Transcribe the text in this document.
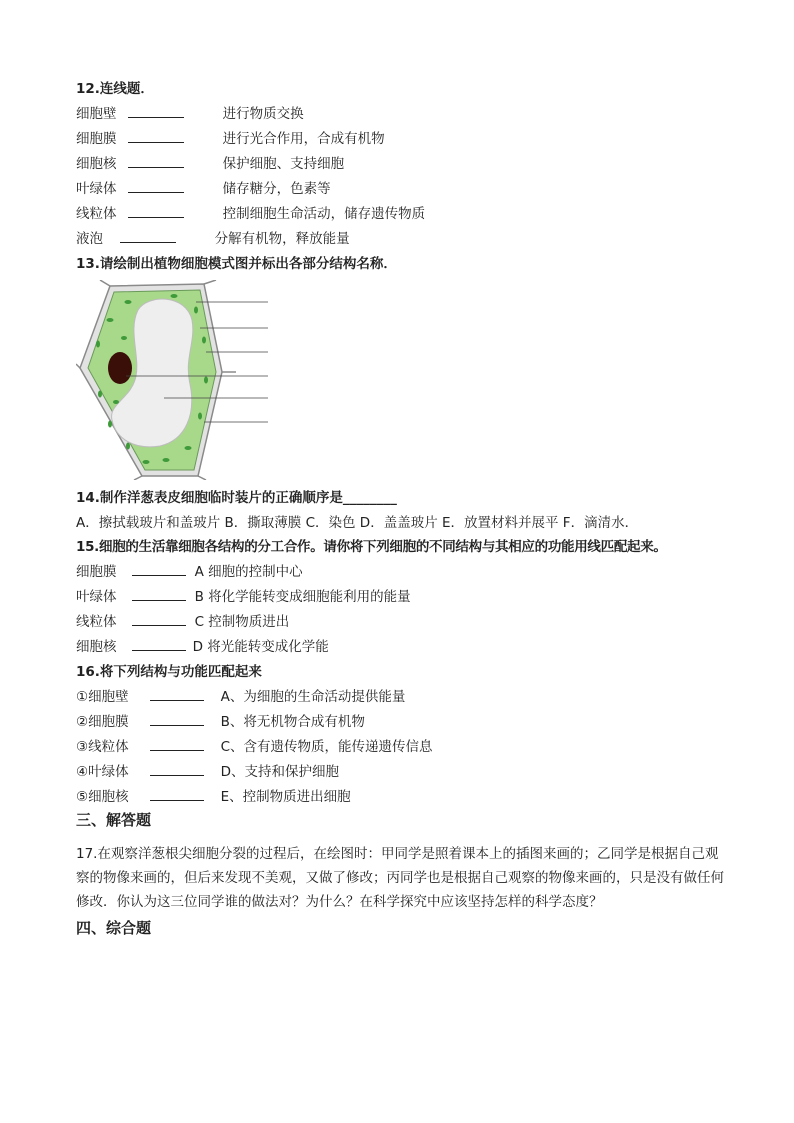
12.连线题．
细胞壁	进行物质交换
细胞膜	进行光合作用，合成有机物
细胞核	保护细胞、支持细胞
叶绿体	储存糖分，色素等
线粒体	控制细胞生命活动，储存遗传物质
液泡	分解有机物，释放能量
13.请绘制出植物细胞模式图并标出各部分结构名称．
14.制作洋葱表皮细胞临时装片的正确顺序是________
A．擦拭载玻片和盖玻片 B．撕取薄膜 C．染色 D．盖盖玻片 E．放置材料并展平 F．滴清水．
15.细胞的生活靠细胞各结构的分工合作。请你将下列细胞的不同结构与其相应的功能用线匹配起来。
细胞膜	A 细胞的控制中心
叶绿体	B 将化学能转变成细胞能利用的能量
线粒体	C 控制物质进出
细胞核	D 将光能转变成化学能
16.将下列结构与功能匹配起来
①细胞壁	A、为细胞的生命活动提供能量
②细胞膜	B、将无机物合成有机物
③线粒体	C、含有遗传物质，能传递遗传信息
④叶绿体	D、支持和保护细胞
⑤细胞核	E、控制物质进出细胞
三、解答题
17.在观察洋葱根尖细胞分裂的过程后，在绘图时：甲同学是照着课本上的插图来画的；乙同学是根据自己观察的物像来画的，但后来发现不美观，又做了修改；丙同学也是根据自己观察的物像来画的，只是没有做任何修改．你认为这三位同学谁的做法对？为什么？在科学探究中应该坚持怎样的科学态度？
四、综合题
